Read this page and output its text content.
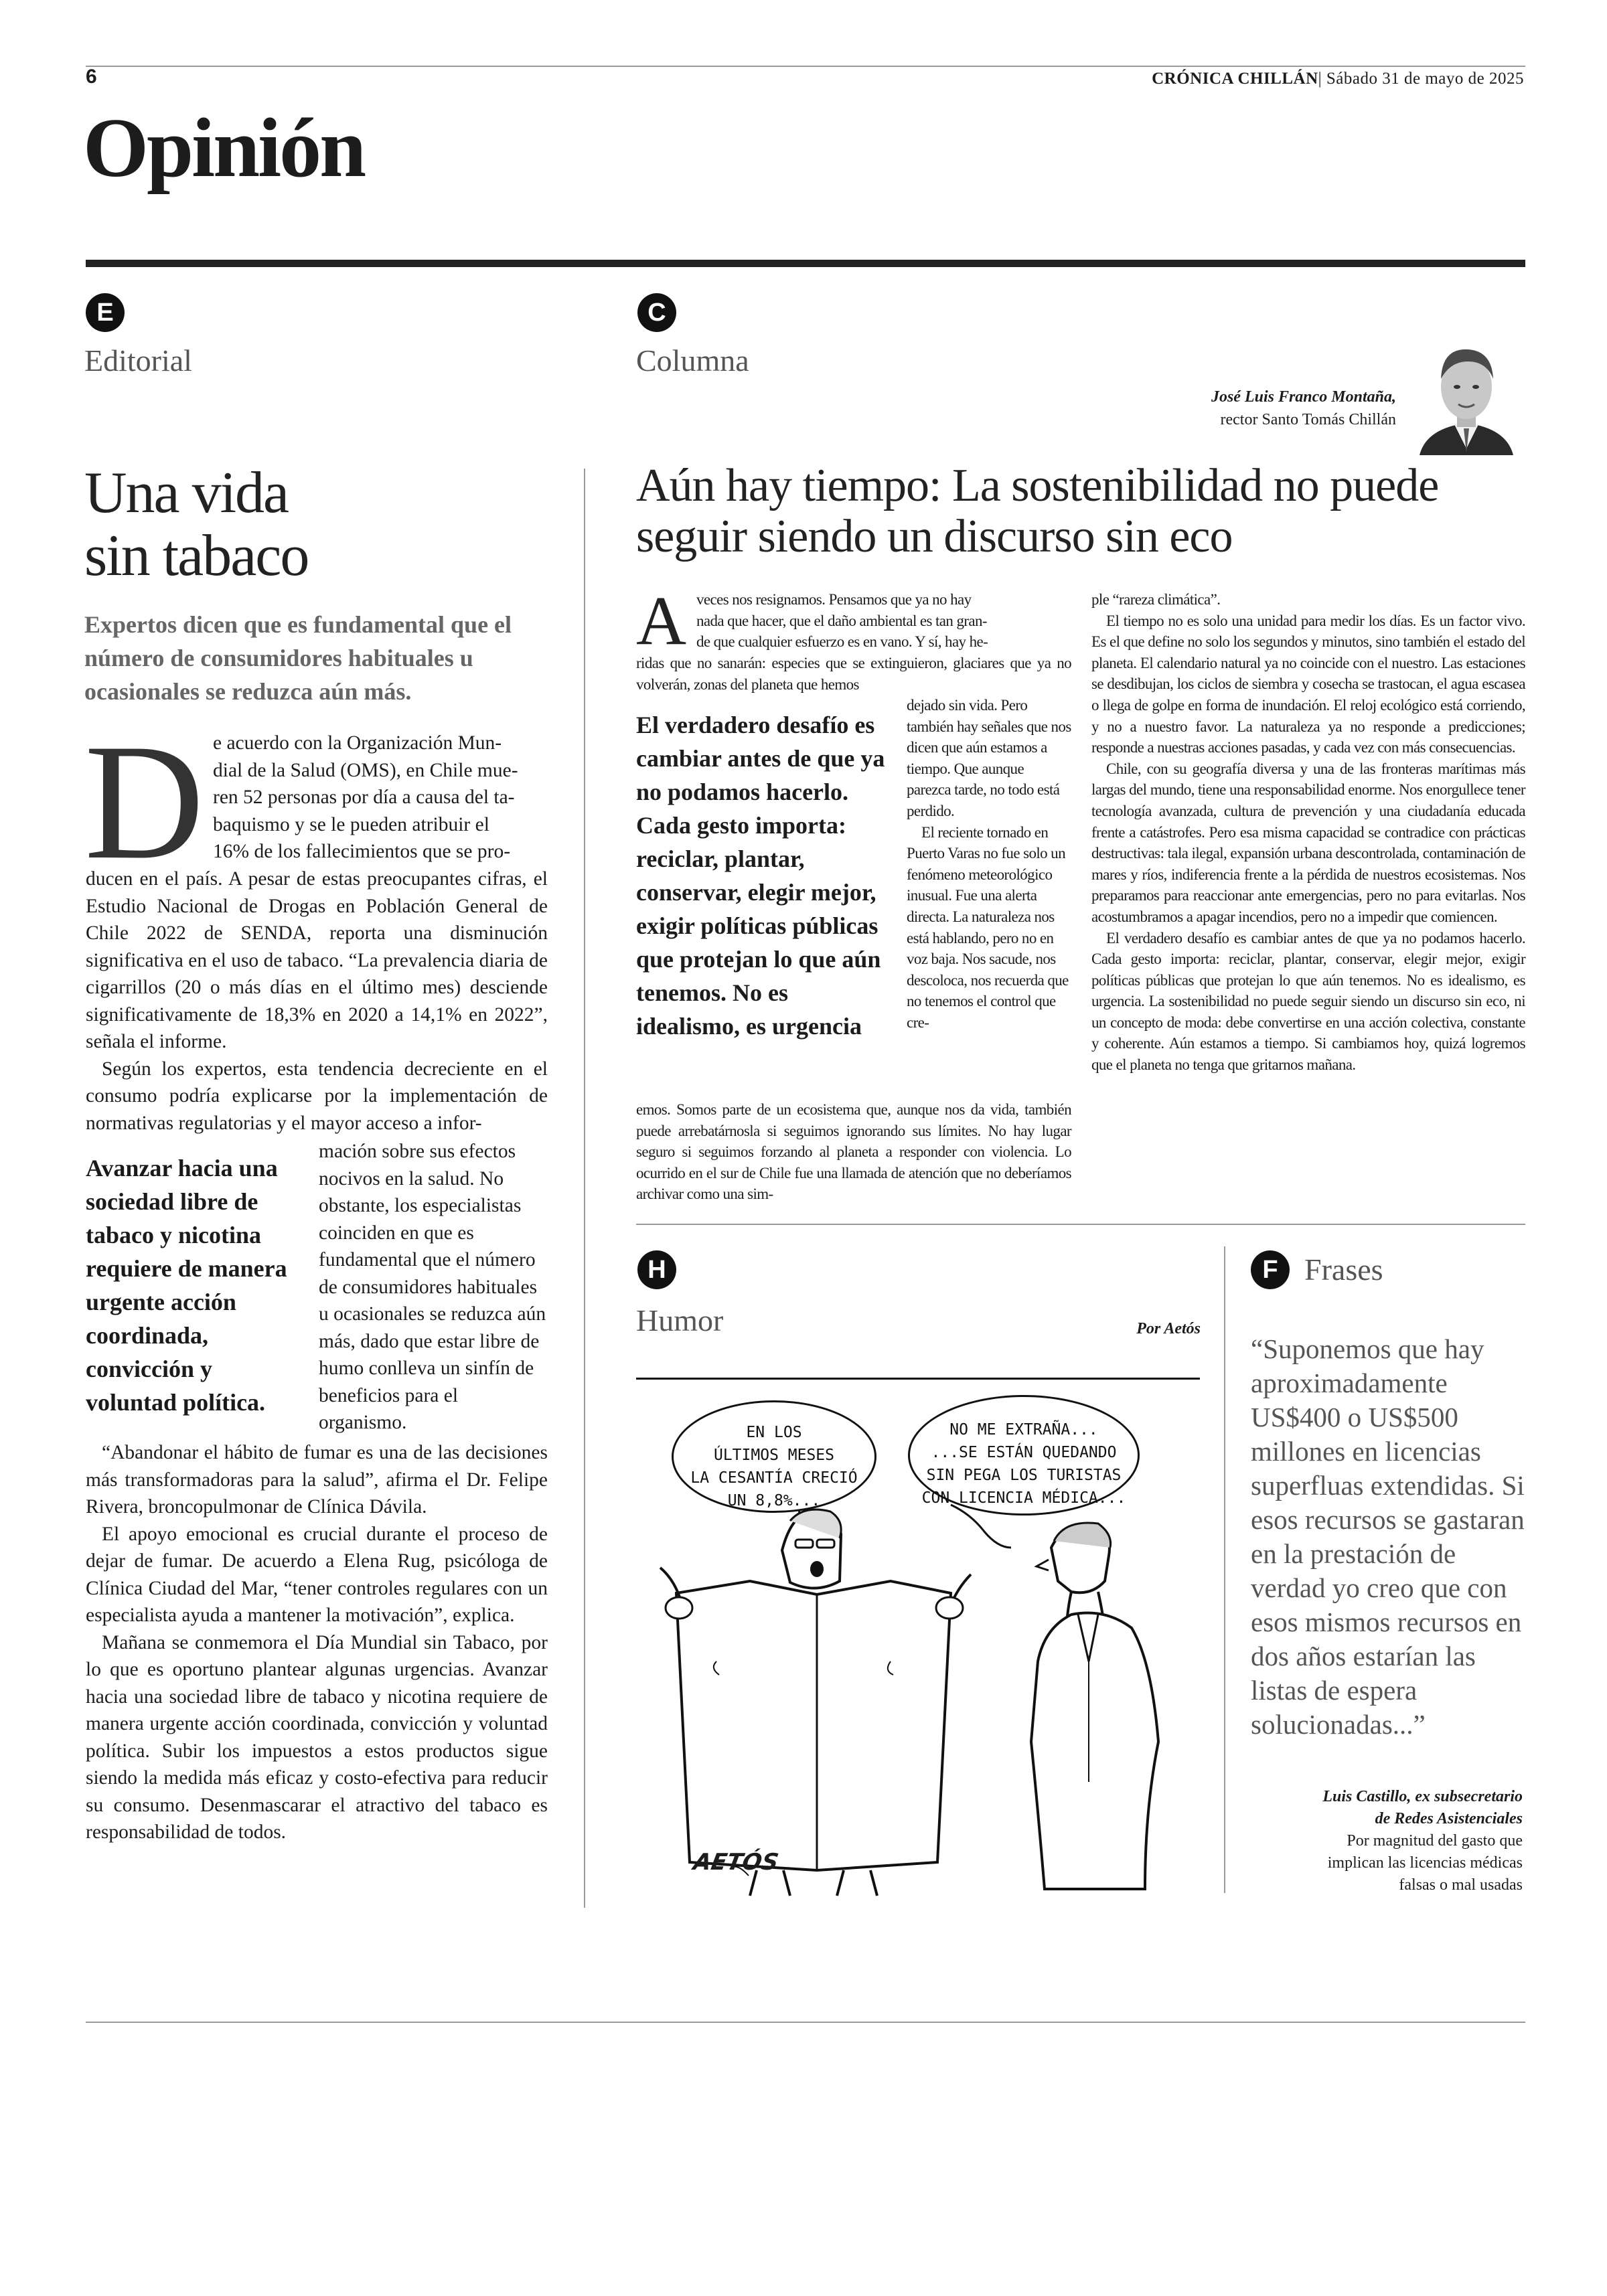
6	CRÓNICA CHILLÁN| Sábado 31 de mayo de 2025
Opinión
E
Editorial
Una vida
sin tabaco
Expertos dicen que es fundamental que el número de consumidores habituales u ocasionales se reduzca aún más.
D e acuerdo con la Organización Mun-
dial de la Salud (OMS), en Chile mue-
ren 52 personas por día a causa del ta-
baquismo y se le pueden atribuir el
16% de los fallecimientos que se pro-

ducen en el país. A pesar de estas preocupantes cifras, el Estudio Nacional de Drogas en Población General de Chile 2022 de SENDA, reporta una disminución significativa en el uso de tabaco. “La prevalencia diaria de cigarrillos (20 o más días en el último mes) desciende significativamente de 18,3% en 2020 a 14,1% en 2022”, señala el informe.

Según los expertos, esta tendencia decreciente en el consumo podría explicarse por la implementación de normativas regulatorias y el mayor acceso a infor-

Avanzar hacia una sociedad libre de tabaco y nicotina requiere de manera urgente acción coordinada, convicción y voluntad política.
mación sobre sus efectos nocivos en la salud. No obstante, los especialistas coinciden en que es fundamental que el número de consumidores habituales u ocasionales se reduzca aún más, dado que estar libre de humo conlleva un sinfín de beneficios para el organismo.

“Abandonar el hábito de fumar es una de las decisiones más transformadoras para la salud”, afirma el Dr. Felipe Rivera, broncopulmonar de Clínica Dávila.

El apoyo emocional es crucial durante el proceso de dejar de fumar. De acuerdo a Elena Rug, psicóloga de Clínica Ciudad del Mar, “tener controles regulares con un especialista ayuda a mantener la motivación”, explica.

Mañana se conmemora el Día Mundial sin Tabaco, por lo que es oportuno plantear algunas urgencias. Avanzar hacia una sociedad libre de tabaco y nicotina requiere de manera urgente acción coordinada, convicción y voluntad política. Subir los impuestos a estos productos sigue siendo la medida más eficaz y costo-efectiva para reducir su consumo. Desenmascarar el atractivo del tabaco es responsabilidad de todos.

C
Columna
José Luis Franco Montaña,
rector Santo Tomás Chillán
Aún hay tiempo: La sostenibilidad no puede seguir siendo un discurso sin eco
A veces nos resignamos. Pensamos que ya no hay
nada que hacer, que el daño ambiental es tan gran-
de que cualquier esfuerzo es en vano. Y sí, hay he-
ridas que no sanarán: especies que se extinguieron, glaciares que ya no volverán, zonas del planeta que hemos
El verdadero desafío es cambiar antes de que ya no podamos hacerlo. Cada gesto importa: reciclar, plantar, conservar, elegir mejor, exigir políticas públicas que protejan lo que aún tenemos. No es idealismo, es urgencia

dejado sin vida. Pero también hay señales que nos dicen que aún estamos a tiempo. Que aunque parezca tarde, no todo está perdido.

El reciente tornado en Puerto Varas no fue solo un fenómeno meteorológico inusual. Fue una alerta directa. La naturaleza nos está hablando, pero no en voz baja. Nos sacude, nos descoloca, nos recuerda que no tenemos el control que cre-

emos. Somos parte de un ecosistema que, aunque nos da vida, también puede arrebatárnosla si seguimos ignorando sus límites. No hay lugar seguro si seguimos forzando al planeta a responder con violencia. Lo ocurrido en el sur de Chile fue una llamada de atención que no deberíamos archivar como una sim-

ple “rareza climática”.

El tiempo no es solo una unidad para medir los días. Es un factor vivo. Es el que define no solo los segundos y minutos, sino también el estado del planeta. El calendario natural ya no coincide con el nuestro. Las estaciones se desdibujan, los ciclos de siembra y cosecha se trastocan, el agua escasea o llega de golpe en forma de inundación. El reloj ecológico está corriendo, y no a nuestro favor. La naturaleza ya no responde a predicciones; responde a nuestras acciones pasadas, y cada vez con más consecuencias.

Chile, con su geografía diversa y una de las fronteras marítimas más largas del mundo, tiene una responsabilidad enorme. Nos enorgullece tener tecnología avanzada, cultura de prevención y una ciudadanía educada frente a catástrofes. Pero esa misma capacidad se contradice con prácticas destructivas: tala ilegal, expansión urbana descontrolada, contaminación de mares y ríos, indiferencia frente a la pérdida de nuestros ecosistemas. Nos preparamos para reaccionar ante emergencias, pero no para evitarlas. Nos acostumbramos a apagar incendios, pero no a impedir que comiencen.

El verdadero desafío es cambiar antes de que ya no podamos hacerlo. Cada gesto importa: reciclar, plantar, conservar, elegir mejor, exigir políticas públicas que protejan lo que aún tenemos. No es idealismo, es urgencia. La sostenibilidad no puede seguir siendo un discurso sin eco, ni un concepto de moda: debe convertirse en una acción colectiva, constante y coherente. Aún estamos a tiempo. Si cambiamos hoy, quizá logremos que el planeta no tenga que gritarnos mañana.

H
Humor	Por Aetós
EN LOS
ÚLTIMOS MESES
LA CESANTÍA CRECIÓ
UN 8,8%...
NO ME EXTRAÑA...
...SE ESTÁN QUEDANDO
SIN PEGA LOS TURISTAS
CON LICENCIA MÉDICA...
AETÓS
F Frases
“Suponemos que hay aproximadamente US$400 o US$500 millones en licencias superfluas extendidas. Si esos recursos se gastaran en la prestación de verdad yo creo que con esos mismos recursos en dos años estarían las listas de espera solucionadas...”
Luis Castillo, ex subsecretario
de Redes Asistenciales
Por magnitud del gasto que
implican las licencias médicas
falsas o mal usadas
